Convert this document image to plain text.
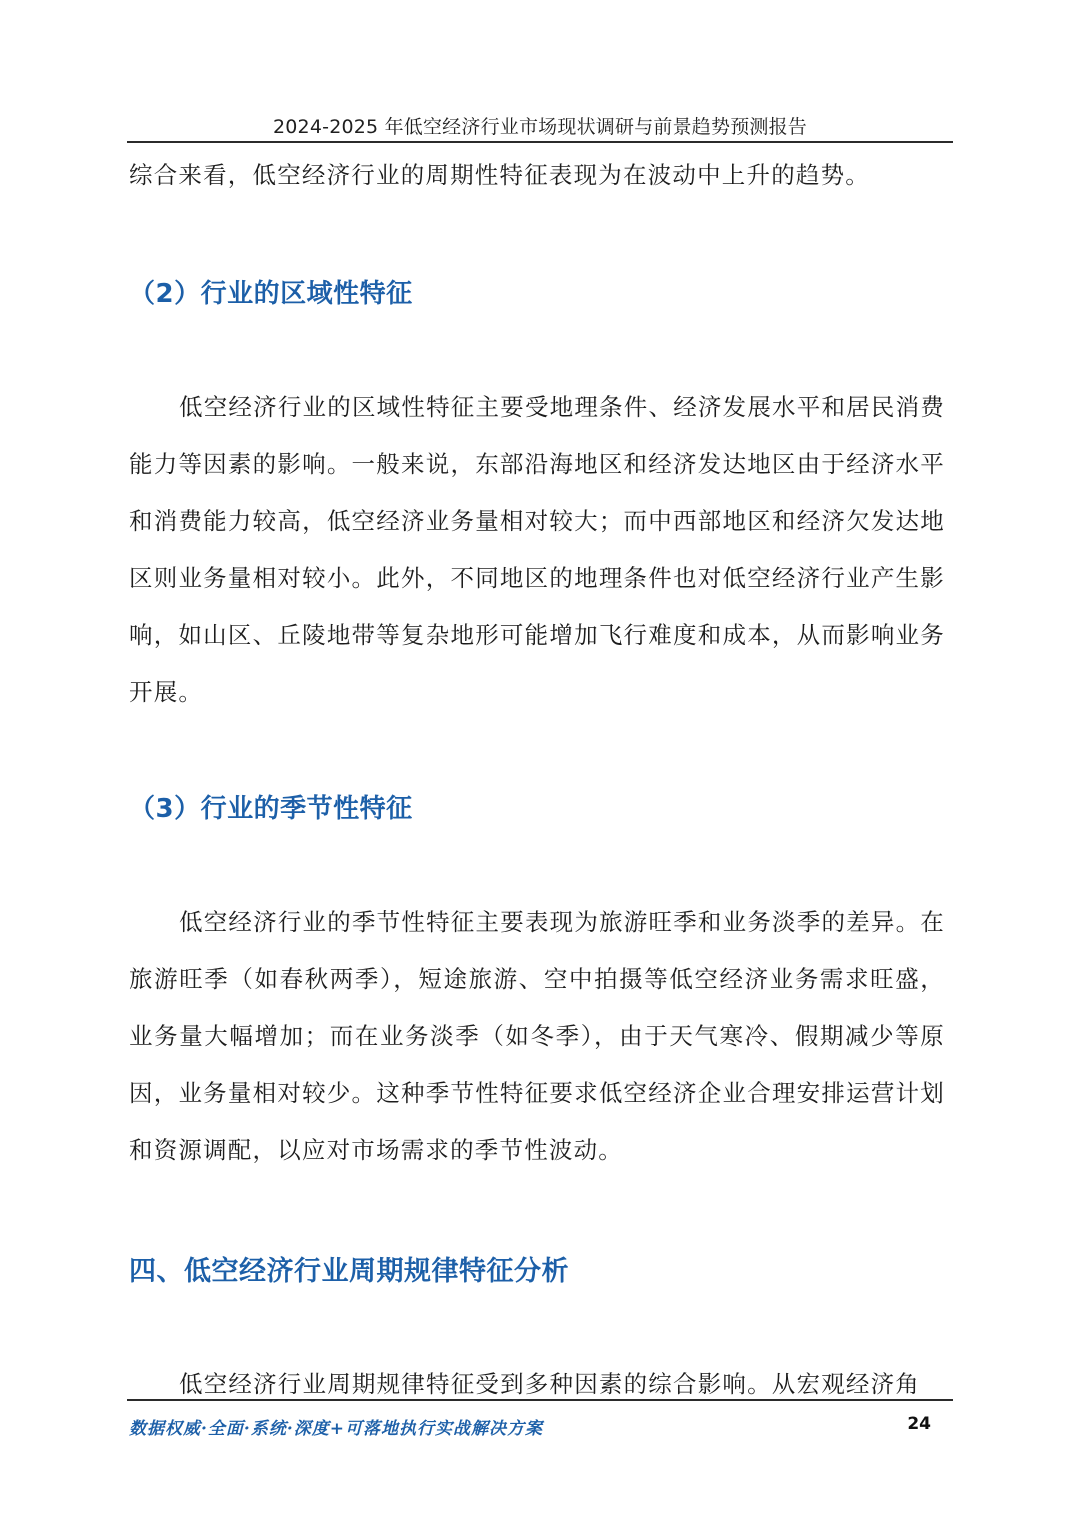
2024-2025 年低空经济行业市场现状调研与前景趋势预测报告

综合来看，低空经济行业的周期性特征表现为在波动中上升的趋势。

（2）行业的区域性特征

低空经济行业的区域性特征主要受地理条件、经济发展水平和居民消费能力等因素的影响。一般来说，东部沿海地区和经济发达地区由于经济水平和消费能力较高，低空经济业务量相对较大；而中西部地区和经济欠发达地区则业务量相对较小。此外，不同地区的地理条件也对低空经济行业产生影响，如山区、丘陵地带等复杂地形可能增加飞行难度和成本，从而影响业务开展。

（3）行业的季节性特征

低空经济行业的季节性特征主要表现为旅游旺季和业务淡季的差异。在旅游旺季（如春秋两季），短途旅游、空中拍摄等低空经济业务需求旺盛，业务量大幅增加；而在业务淡季（如冬季），由于天气寒冷、假期减少等原因，业务量相对较少。这种季节性特征要求低空经济企业合理安排运营计划和资源调配，以应对市场需求的季节性波动。

四、低空经济行业周期规律特征分析

低空经济行业周期规律特征受到多种因素的综合影响。从宏观经济角

数据权威·全面·系统·深度+可落地执行实战解决方案	24
